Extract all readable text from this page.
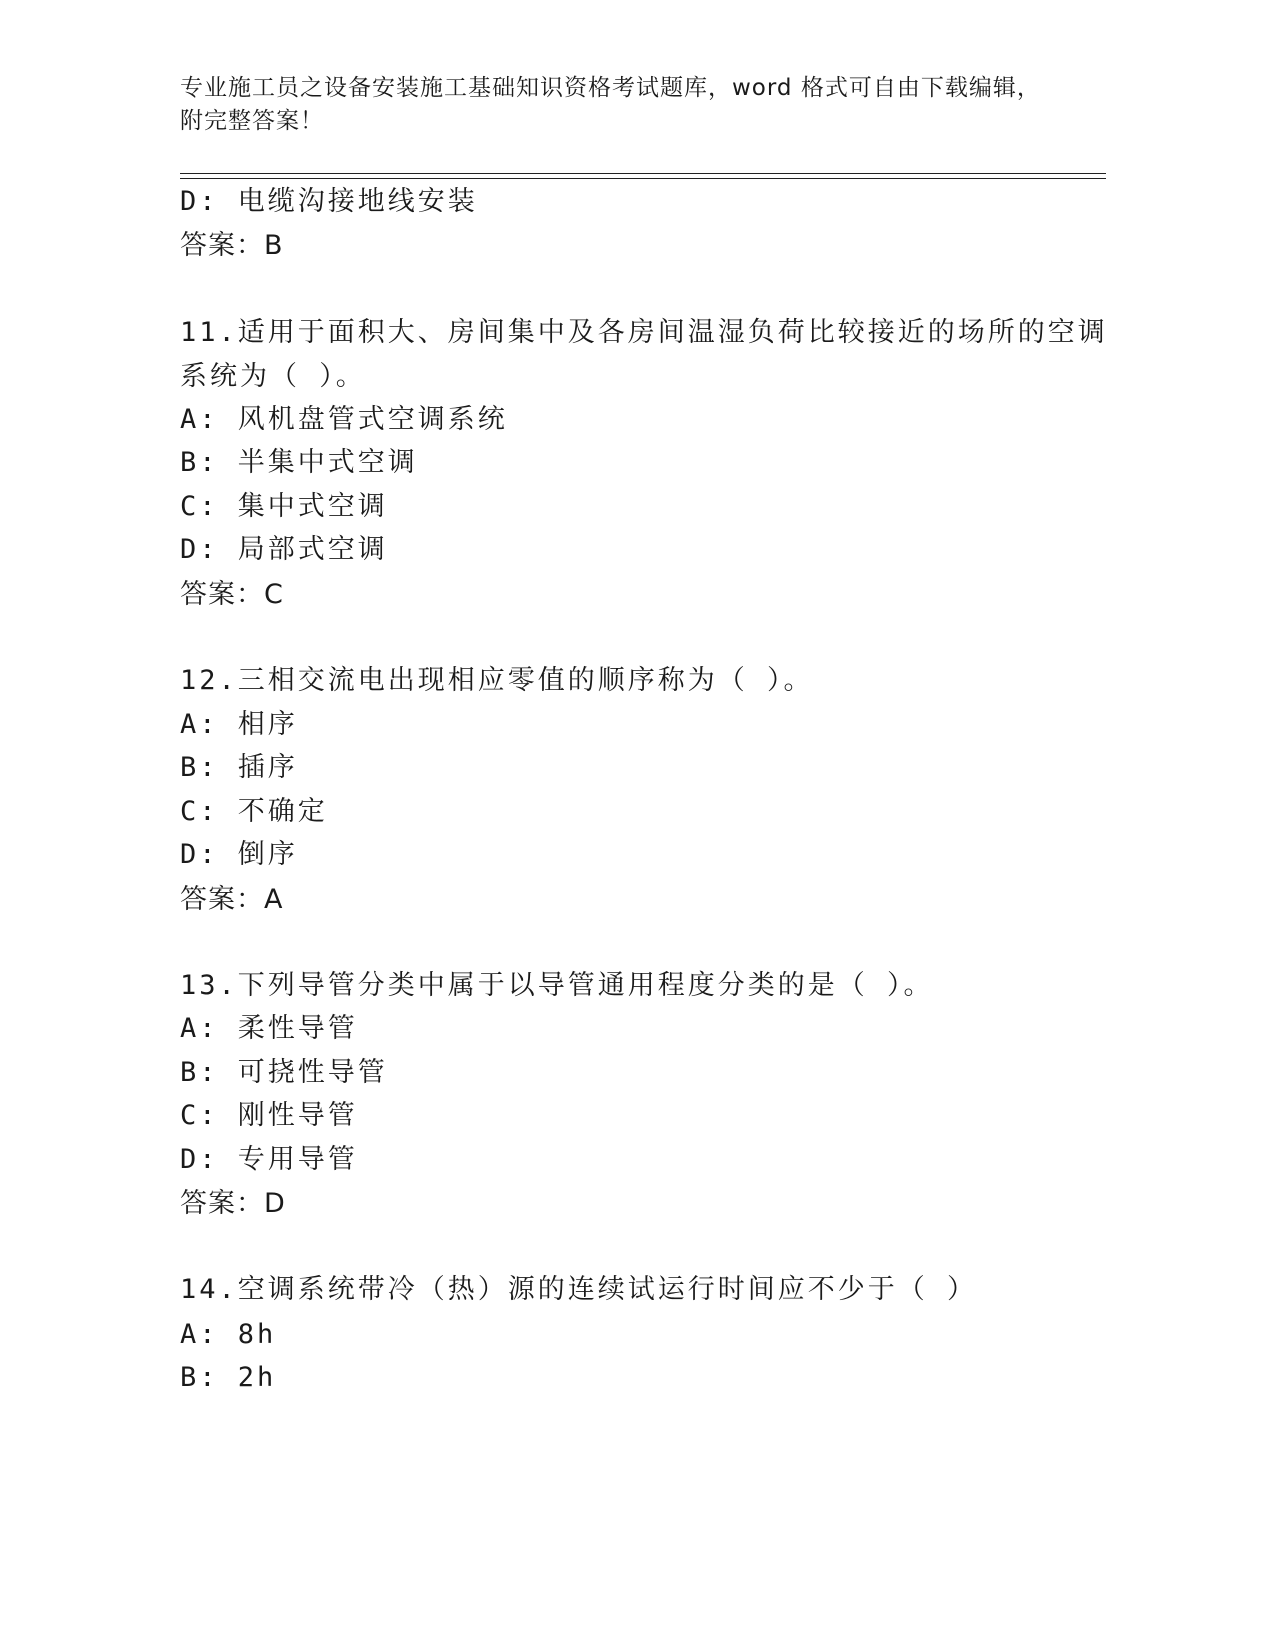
专业施工员之设备安装施工基础知识资格考试题库，word 格式可自由下载编辑，
附完整答案！
D: 电缆沟接地线安装
答案：B
11.适用于面积大、房间集中及各房间温湿负荷比较接近的场所的空调
系统为（ ）。
A: 风机盘管式空调系统
B: 半集中式空调
C: 集中式空调
D: 局部式空调
答案：C
12.三相交流电出现相应零值的顺序称为（ ）。
A: 相序
B: 插序
C: 不确定
D: 倒序
答案：A
13.下列导管分类中属于以导管通用程度分类的是（ ）。
A: 柔性导管
B: 可挠性导管
C: 刚性导管
D: 专用导管
答案：D
14.空调系统带冷（热）源的连续试运行时间应不少于（ ）
A: 8h
B: 2h
